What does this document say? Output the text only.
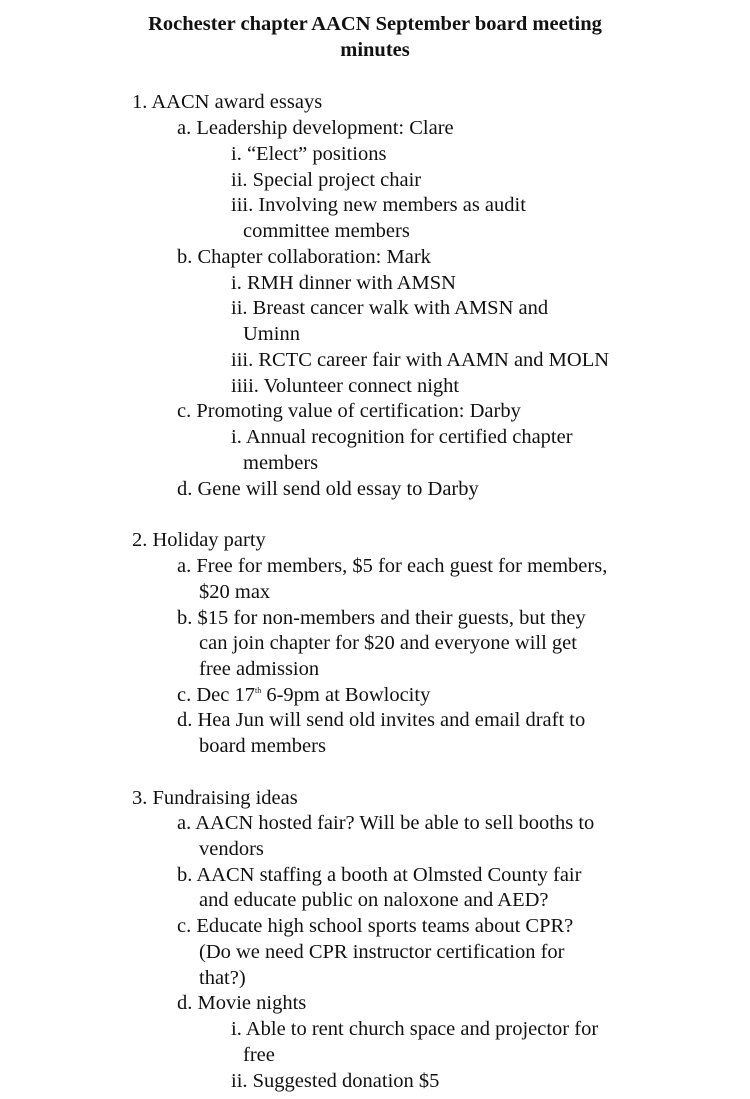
Rochester chapter AACN September board meeting
minutes
1. AACN award essays
a. Leadership development: Clare
i. “Elect” positions
ii. Special project chair
iii. Involving new members as audit
committee members
b. Chapter collaboration: Mark
i. RMH dinner with AMSN
ii. Breast cancer walk with AMSN and
Uminn
iii. RCTC career fair with AAMN and MOLN
iiii. Volunteer connect night
c. Promoting value of certification: Darby
i. Annual recognition for certified chapter
members
d. Gene will send old essay to Darby
2. Holiday party
a. Free for members, $5 for each guest for members,
$20 max
b. $15 for non-members and their guests, but they
can join chapter for $20 and everyone will get
free admission
c. Dec 17th 6-9pm at Bowlocity
d. Hea Jun will send old invites and email draft to
board members
3. Fundraising ideas
a. AACN hosted fair? Will be able to sell booths to
vendors
b. AACN staffing a booth at Olmsted County fair
and educate public on naloxone and AED?
c. Educate high school sports teams about CPR?
(Do we need CPR instructor certification for
that?)
d. Movie nights
i. Able to rent church space and projector for
free
ii. Suggested donation $5
